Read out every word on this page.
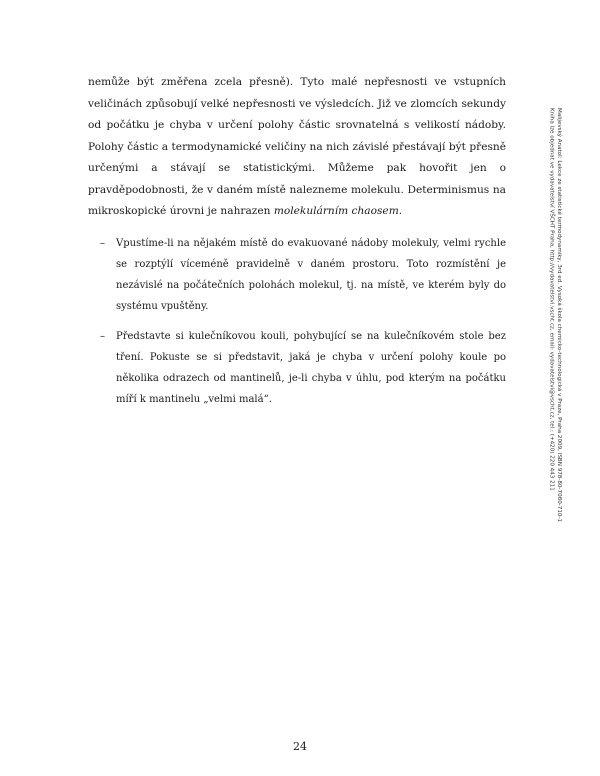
nemůže být změřena zcela přesně). Tyto malé nepřesnosti ve vstupních veličinách způsobují velké nepřesnosti ve výsledcích. Již ve zlomcích sekundy od počátku je chyba v určení polohy částic srovnatelná s velikostí nádoby. Polohy částic a termodynamické veličiny na nich závislé přestávají být přesně určenými a stávají se statistickými. Můžeme pak hovořit jen o pravděpodobnosti, že v daném místě nalezneme molekulu. Determinismus na mikroskopické úrovni je nahrazen molekulárním chaosem.

– Vpustíme-li na nějakém místě do evakuované nádoby molekuly, velmi rychle se rozptýlí víceméně pravidelně v daném prostoru. Toto rozmístění je nezávislé na počátečních polohách molekul, tj. na místě, ve kterém byly do systému vpuštěny.
– Představte si kulečníkovou kouli, pohybující se na kulečníkovém stole bez tření. Pokuste se si představit, jaká je chyba v určení polohy koule po několika odrazech od mantinelů, je-li chyba v úhlu, pod kterým na počátku míří k mantinelu „velmi malá“.	Malijevský Anatol: Lekce ze statistické termodynamiky, 3rd ed. Vysoká škola chemicko-technologická v Praze, Praha 2009, ISBN 978-80-7080-710-1
Kniha lze objednat ve vydavatelství VŠCHT Praha, http://vydavatelstvi.vscht.cz, email: vydavatelstvi@vscht.cz, tel.: (+420) 220 443 211
24
